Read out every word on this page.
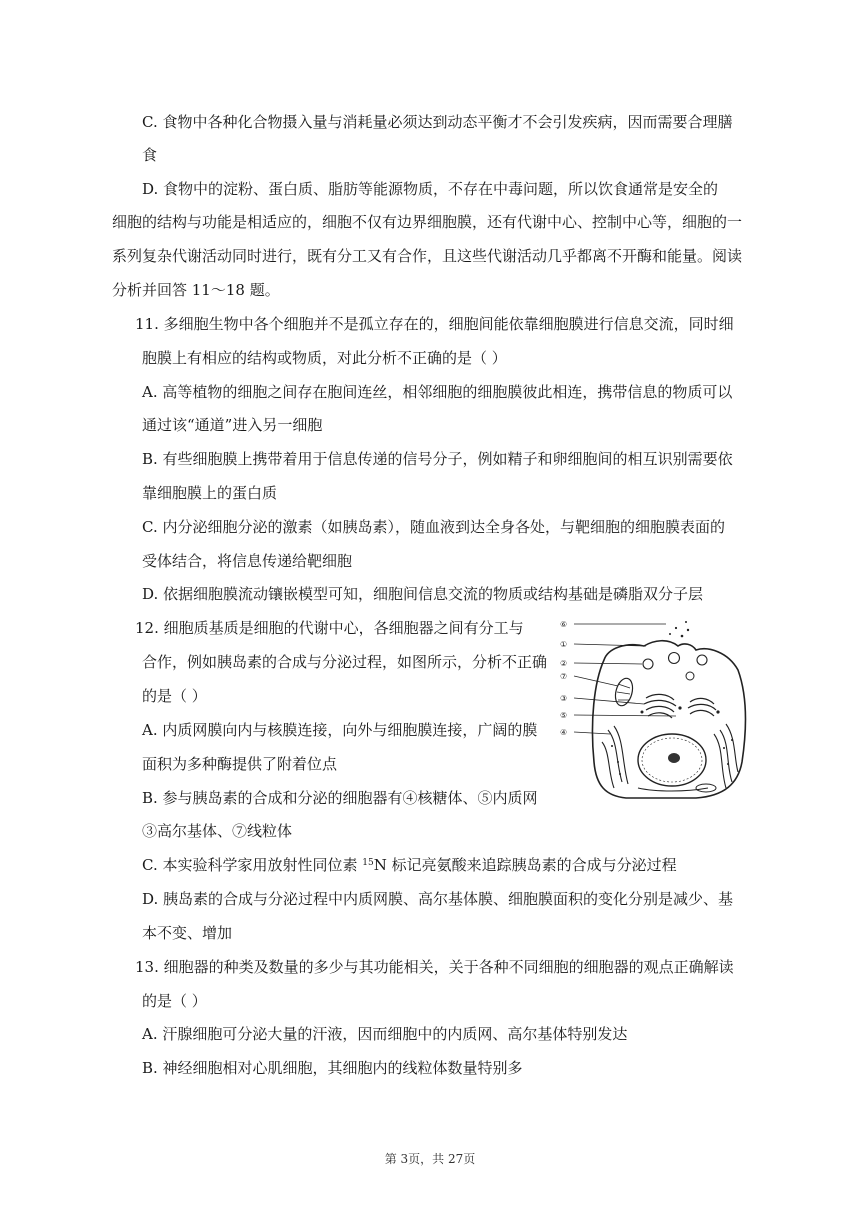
C. 食物中各种化合物摄入量与消耗量必须达到动态平衡才不会引发疾病，因而需要合理膳
食
D. 食物中的淀粉、蛋白质、脂肪等能源物质，不存在中毒问题，所以饮食通常是安全的
细胞的结构与功能是相适应的，细胞不仅有边界细胞膜，还有代谢中心、控制中心等，细胞的一
系列复杂代谢活动同时进行，既有分工又有合作，且这些代谢活动几乎都离不开酶和能量。阅读
分析并回答 11～18 题。
11. 多细胞生物中各个细胞并不是孤立存在的，细胞间能依靠细胞膜进行信息交流，同时细
胞膜上有相应的结构或物质，对此分析不正确的是（ ）
A. 高等植物的细胞之间存在胞间连丝，相邻细胞的细胞膜彼此相连，携带信息的物质可以
通过该“通道”进入另一细胞
B. 有些细胞膜上携带着用于信息传递的信号分子，例如精子和卵细胞间的相互识别需要依
靠细胞膜上的蛋白质
C. 内分泌细胞分泌的激素（如胰岛素），随血液到达全身各处，与靶细胞的细胞膜表面的
受体结合，将信息传递给靶细胞
D. 依据细胞膜流动镶嵌模型可知，细胞间信息交流的物质或结构基础是磷脂双分子层
12. 细胞质基质是细胞的代谢中心，各细胞器之间有分工与
合作，例如胰岛素的合成与分泌过程，如图所示，分析不正确
的是（ ）
A. 内质网膜向内与核膜连接，向外与细胞膜连接，广阔的膜
面积为多种酶提供了附着位点
B. 参与胰岛素的合成和分泌的细胞器有④核糖体、⑤内质网
③高尔基体、⑦线粒体
C. 本实验科学家用放射性同位素 $^{15}$N 标记亮氨酸来追踪胰岛素的合成与分泌过程
D. 胰岛素的合成与分泌过程中内质网膜、高尔基体膜、细胞膜面积的变化分别是减少、基
本不变、增加
13. 细胞器的种类及数量的多少与其功能相关，关于各种不同细胞的细胞器的观点正确解读
的是（ ）
A. 汗腺细胞可分泌大量的汗液，因而细胞中的内质网、高尔基体特别发达
B. 神经细胞相对心肌细胞，其细胞内的线粒体数量特别多
⑥
①
②
⑦
③
⑤
④
第 3页，共 27页
